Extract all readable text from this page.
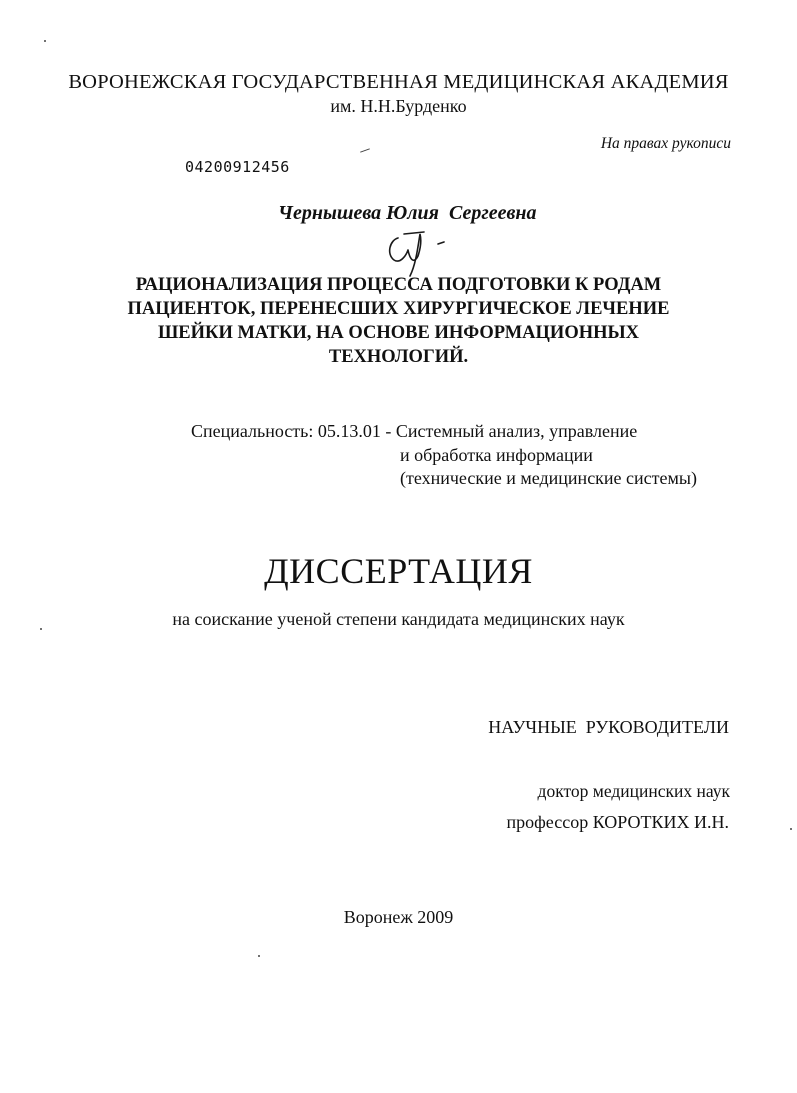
ВОРОНЕЖСКАЯ ГОСУДАРСТВЕННАЯ МЕДИЦИНСКАЯ АКАДЕМИЯ
им. Н.Н.Бурденко
На правах рукописи
04200912456
Чернышева Юлия  Сергеевна
РАЦИОНАЛИЗАЦИЯ ПРОЦЕССА ПОДГОТОВКИ К РОДАМ
ПАЦИЕНТОК, ПЕРЕНЕСШИХ ХИРУРГИЧЕСКОЕ ЛЕЧЕНИЕ
ШЕЙКИ МАТКИ, НА ОСНОВЕ ИНФОРМАЦИОННЫХ
ТЕХНОЛОГИЙ.
Специальность: 05.13.01 - Системный анализ, управление
и обработка информации
(технические и медицинские системы)
ДИССЕРТАЦИЯ
на соискание ученой степени кандидата медицинских наук
НАУЧНЫЕ  РУКОВОДИТЕЛИ
доктор медицинских наук
профессор КОРОТКИХ И.Н.
Воронеж 2009
